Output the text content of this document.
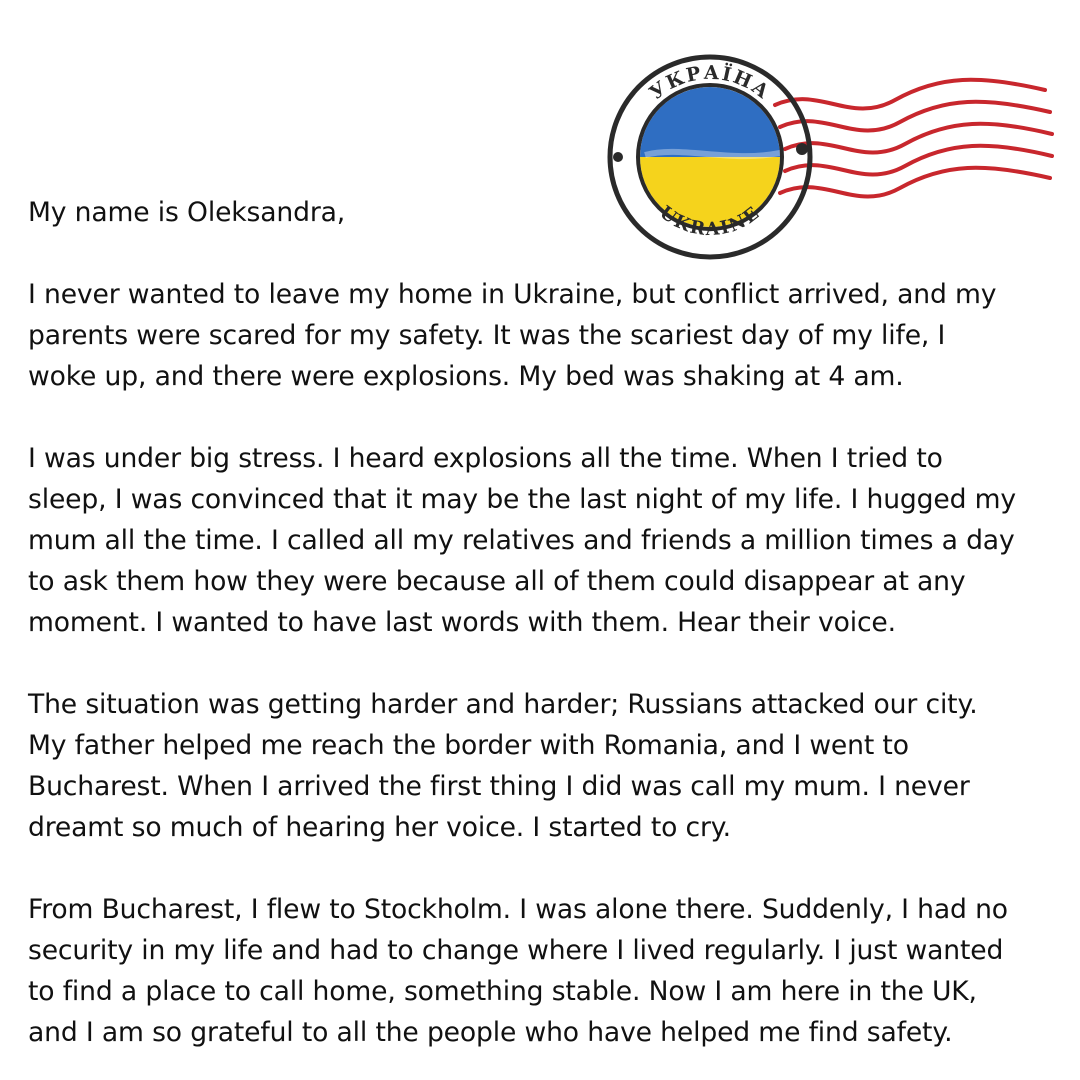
УКРАЇНА
UKRAINE

My name is Oleksandra,

I never wanted to leave my home in Ukraine, but conflict arrived, and my
parents were scared for my safety. It was the scariest day of my life, I
woke up, and there were explosions. My bed was shaking at 4 am.

I was under big stress. I heard explosions all the time. When I tried to
sleep, I was convinced that it may be the last night of my life. I hugged my
mum all the time. I called all my relatives and friends a million times a day
to ask them how they were because all of them could disappear at any
moment. I wanted to have last words with them. Hear their voice.

The situation was getting harder and harder; Russians attacked our city.
My father helped me reach the border with Romania, and I went to
Bucharest. When I arrived the first thing I did was call my mum. I never
dreamt so much of hearing her voice. I started to cry.

From Bucharest, I flew to Stockholm. I was alone there. Suddenly, I had no
security in my life and had to change where I lived regularly. I just wanted
to find a place to call home, something stable. Now I am here in the UK,
and I am so grateful to all the people who have helped me find safety.
